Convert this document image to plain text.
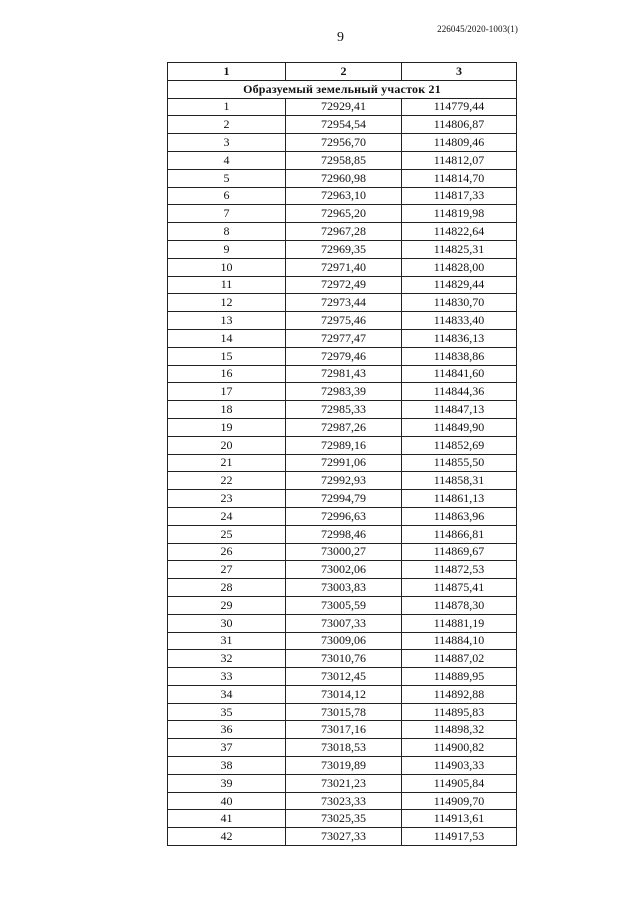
226045/2020-1003(1)
9
1	2	3
Образуемый земельный участок 21		
1	72929,41	114779,44
2	72954,54	114806,87
3	72956,70	114809,46
4	72958,85	114812,07
5	72960,98	114814,70
6	72963,10	114817,33
7	72965,20	114819,98
8	72967,28	114822,64
9	72969,35	114825,31
10	72971,40	114828,00
11	72972,49	114829,44
12	72973,44	114830,70
13	72975,46	114833,40
14	72977,47	114836,13
15	72979,46	114838,86
16	72981,43	114841,60
17	72983,39	114844,36
18	72985,33	114847,13
19	72987,26	114849,90
20	72989,16	114852,69
21	72991,06	114855,50
22	72992,93	114858,31
23	72994,79	114861,13
24	72996,63	114863,96
25	72998,46	114866,81
26	73000,27	114869,67
27	73002,06	114872,53
28	73003,83	114875,41
29	73005,59	114878,30
30	73007,33	114881,19
31	73009,06	114884,10
32	73010,76	114887,02
33	73012,45	114889,95
34	73014,12	114892,88
35	73015,78	114895,83
36	73017,16	114898,32
37	73018,53	114900,82
38	73019,89	114903,33
39	73021,23	114905,84
40	73023,33	114909,70
41	73025,35	114913,61
42	73027,33	114917,53
